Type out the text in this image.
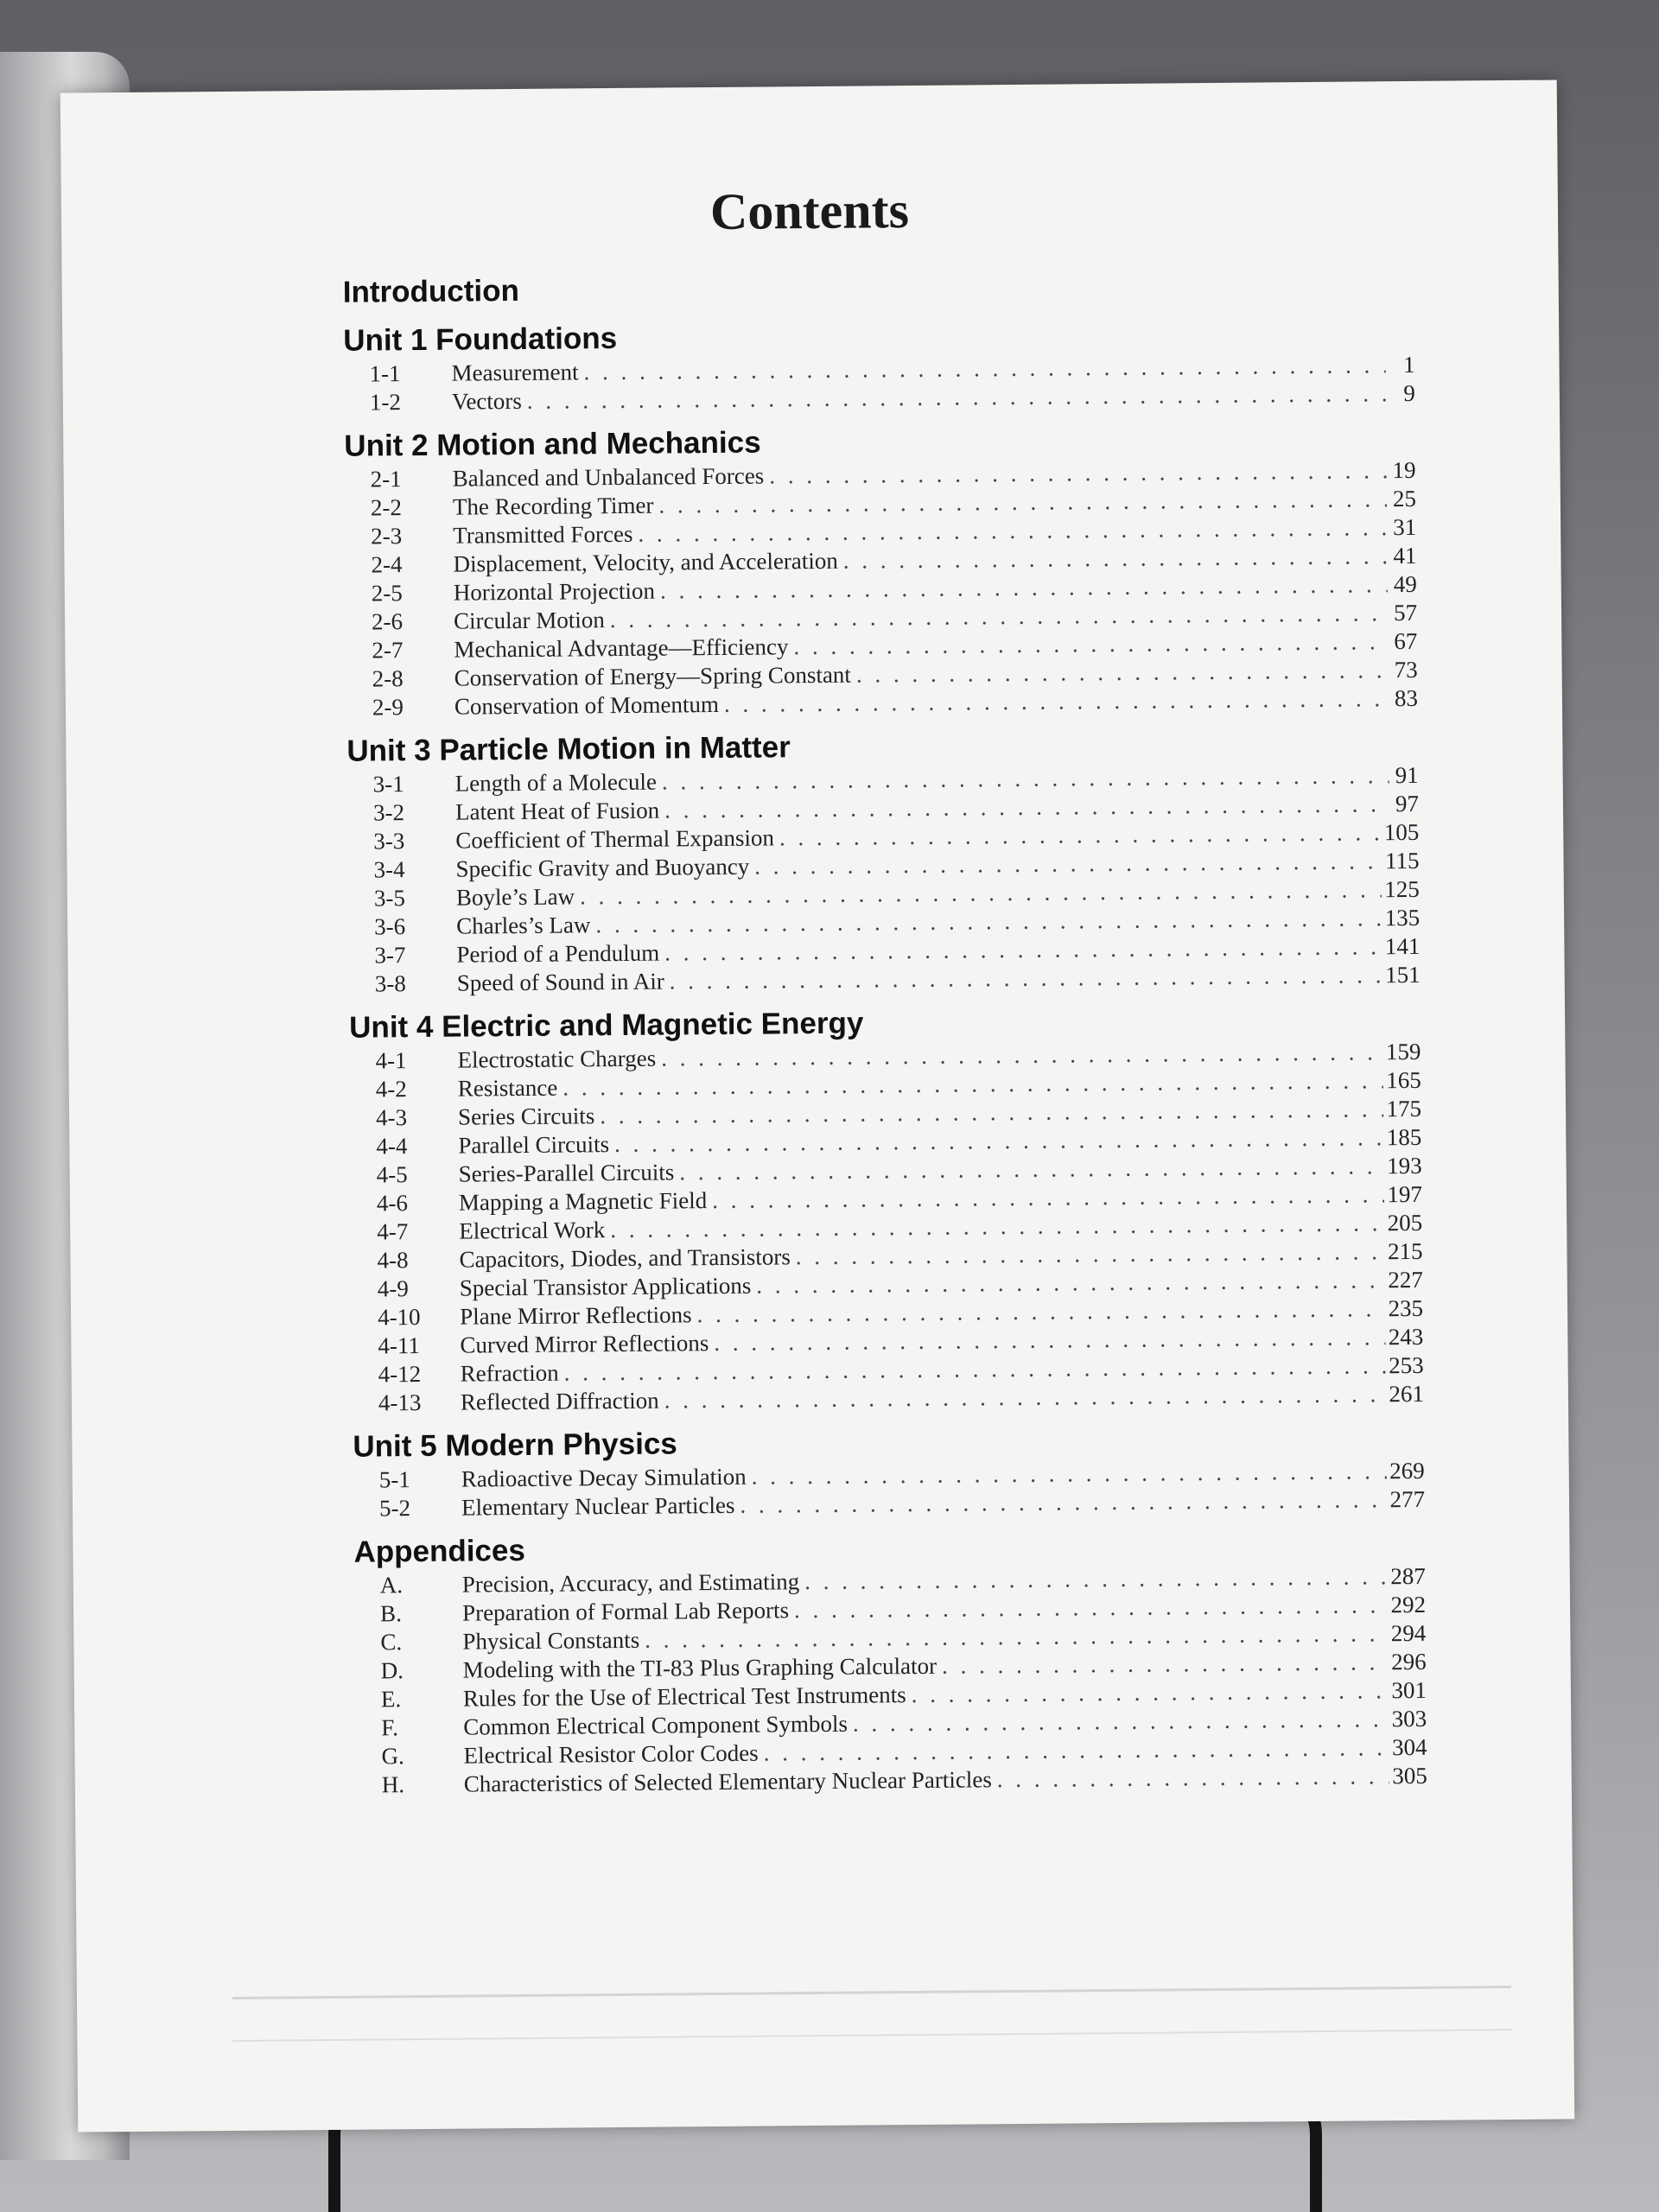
Contents
Introduction
Unit 1 Foundations
1-1	Measurement . . .	1
1-2	Vectors . . .	9
Unit 2 Motion and Mechanics
2-1	Balanced and Unbalanced Forces . . .	19
2-2	The Recording Timer . . .	25
2-3	Transmitted Forces . . .	31
2-4	Displacement, Velocity, and Acceleration . . .	41
2-5	Horizontal Projection . . .	49
2-6	Circular Motion . . .	57
2-7	Mechanical Advantage—Efficiency . . .	67
2-8	Conservation of Energy—Spring Constant . . .	73
2-9	Conservation of Momentum . . .	83
Unit 3 Particle Motion in Matter
3-1	Length of a Molecule . . .	91
3-2	Latent Heat of Fusion . . .	97
3-3	Coefficient of Thermal Expansion . . .	105
3-4	Specific Gravity and Buoyancy . . .	115
3-5	Boyle’s Law . . .	125
3-6	Charles’s Law . . .	135
3-7	Period of a Pendulum . . .	141
3-8	Speed of Sound in Air . . .	151
Unit 4 Electric and Magnetic Energy
4-1	Electrostatic Charges . . .	159
4-2	Resistance . . .	165
4-3	Series Circuits . . .	175
4-4	Parallel Circuits . . .	185
4-5	Series-Parallel Circuits . . .	193
4-6	Mapping a Magnetic Field . . .	197
4-7	Electrical Work . . .	205
4-8	Capacitors, Diodes, and Transistors . . .	215
4-9	Special Transistor Applications . . .	227
4-10	Plane Mirror Reflections . . .	235
4-11	Curved Mirror Reflections . . .	243
4-12	Refraction . . .	253
4-13	Reflected Diffraction . . .	261
Unit 5 Modern Physics
5-1	Radioactive Decay Simulation . . .	269
5-2	Elementary Nuclear Particles . . .	277
Appendices
A.	Precision, Accuracy, and Estimating . . .	287
B.	Preparation of Formal Lab Reports . . .	292
C.	Physical Constants . . .	294
D.	Modeling with the TI-83 Plus Graphing Calculator . . .	296
E.	Rules for the Use of Electrical Test Instruments . . .	301
F.	Common Electrical Component Symbols . . .	303
G.	Electrical Resistor Color Codes . . .	304
H.	Characteristics of Selected Elementary Nuclear Particles . . .	305
